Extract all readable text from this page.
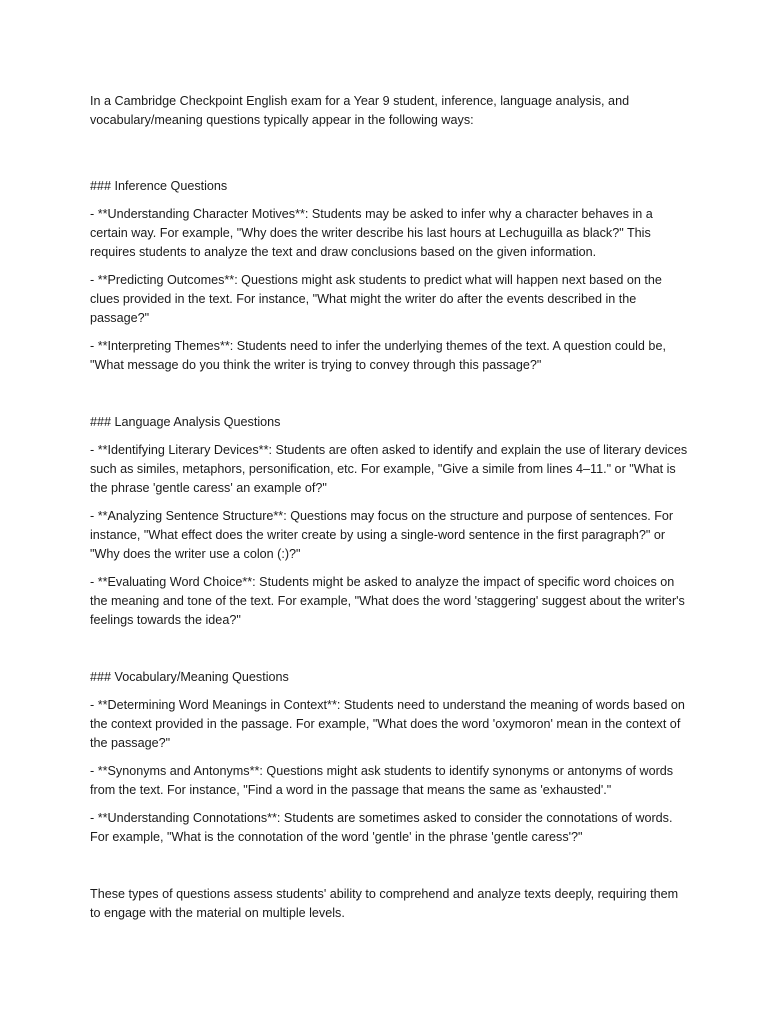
In a Cambridge Checkpoint English exam for a Year 9 student, inference, language analysis, and vocabulary/meaning questions typically appear in the following ways:

### Inference Questions

- **Understanding Character Motives**: Students may be asked to infer why a character behaves in a certain way. For example, "Why does the writer describe his last hours at Lechuguilla as black?" This requires students to analyze the text and draw conclusions based on the given information.

- **Predicting Outcomes**: Questions might ask students to predict what will happen next based on the clues provided in the text. For instance, "What might the writer do after the events described in the passage?"

- **Interpreting Themes**: Students need to infer the underlying themes of the text. A question could be, "What message do you think the writer is trying to convey through this passage?"

### Language Analysis Questions

- **Identifying Literary Devices**: Students are often asked to identify and explain the use of literary devices such as similes, metaphors, personification, etc. For example, "Give a simile from lines 4–11." or "What is the phrase 'gentle caress' an example of?"

- **Analyzing Sentence Structure**: Questions may focus on the structure and purpose of sentences. For instance, "What effect does the writer create by using a single-word sentence in the first paragraph?" or "Why does the writer use a colon (:)?"

- **Evaluating Word Choice**: Students might be asked to analyze the impact of specific word choices on the meaning and tone of the text. For example, "What does the word 'staggering' suggest about the writer's feelings towards the idea?"

### Vocabulary/Meaning Questions

- **Determining Word Meanings in Context**: Students need to understand the meaning of words based on the context provided in the passage. For example, "What does the word 'oxymoron' mean in the context of the passage?"

- **Synonyms and Antonyms**: Questions might ask students to identify synonyms or antonyms of words from the text. For instance, "Find a word in the passage that means the same as 'exhausted'."

- **Understanding Connotations**: Students are sometimes asked to consider the connotations of words. For example, "What is the connotation of the word 'gentle' in the phrase 'gentle caress'?"

These types of questions assess students' ability to comprehend and analyze texts deeply, requiring them to engage with the material on multiple levels.
